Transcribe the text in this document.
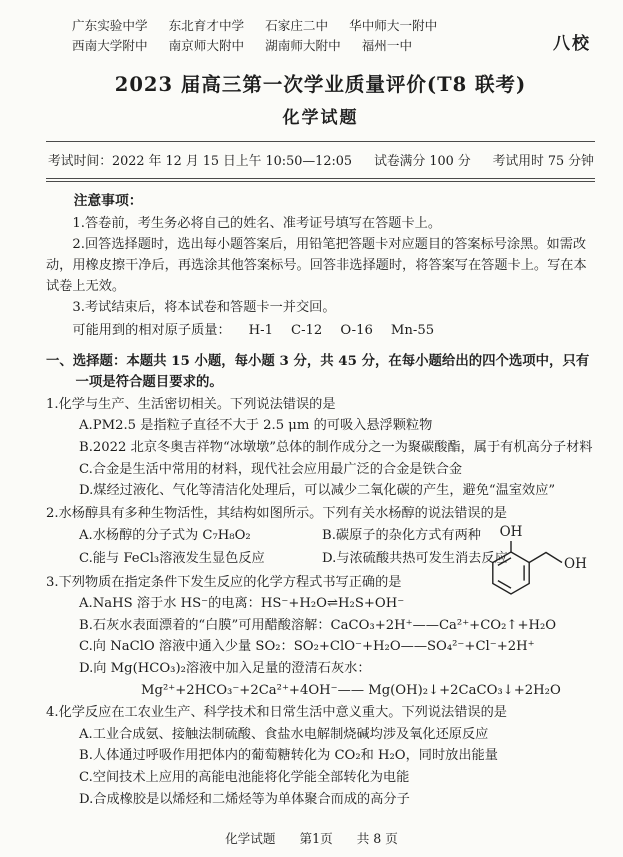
广东实验中学 东北育才中学 石家庄二中 华中师大一附中
西南大学附中 南京师大附中 湖南师大附中 福州一中	八校
2023 届高三第一次学业质量评价(T8 联考)
化学试题
考试时间：2022 年 12 月 15 日上午 10:50—12:05 试卷满分 100 分 考试用时 75 分钟

注意事项：

1.答卷前，考生务必将自己的姓名、准考证号填写在答题卡上。

2.回答选择题时，选出每小题答案后，用铅笔把答题卡对应题目的答案标号涂黑。如需改动，用橡皮擦干净后，再选涂其他答案标号。回答非选择题时，将答案写在答题卡上。写在本试卷上无效。

3.考试结束后，将本试卷和答题卡一并交回。

可能用到的相对原子质量： H-1 C-12 O-16 Mn-55
一、选择题：本题共 15 小题，每小题 3 分，共 45 分，在每小题给出的四个选项中，只有一项是符合题目要求的。

1.化学与生产、生活密切相关。下列说法错误的是

A.PM2.5 是指粒子直径不大于 2.5 μm 的可吸入悬浮颗粒物

B.2022 北京冬奥吉祥物“冰墩墩”总体的制作成分之一为聚碳酸酯，属于有机高分子材料

C.合金是生活中常用的材料，现代社会应用最广泛的合金是铁合金

D.煤经过液化、气化等清洁化处理后，可以减少二氧化碳的产生，避免“温室效应”

2.水杨醇具有多种生物活性，其结构如图所示。下列有关水杨醇的说法错误的是

A.水杨醇的分子式为 C₇H₈O₂	B.碳原子的杂化方式有两种

C.能与 FeCl₃溶液发生显色反应	D.与浓硫酸共热可发生消去反应

OH
OH

3.下列物质在指定条件下发生反应的化学方程式书写正确的是

A.NaHS 溶于水 HS⁻的电离：HS⁻+H₂O⇌H₂S+OH⁻

B.石灰水表面漂着的“白膜”可用醋酸溶解：CaCO₃+2H⁺——Ca²⁺+CO₂↑+H₂O

C.向 NaClO 溶液中通入少量 SO₂：SO₂+ClO⁻+H₂O——SO₄²⁻+Cl⁻+2H⁺

D.向 Mg(HCO₃)₂溶液中加入足量的澄清石灰水：

Mg²⁺+2HCO₃⁻+2Ca²⁺+4OH⁻—— Mg(OH)₂↓+2CaCO₃↓+2H₂O

4.化学反应在工农业生产、科学技术和日常生活中意义重大。下列说法错误的是

A.工业合成氨、接触法制硫酸、食盐水电解制烧碱均涉及氧化还原反应

B.人体通过呼吸作用把体内的葡萄糖转化为 CO₂和 H₂O，同时放出能量

C.空间技术上应用的高能电池能将化学能全部转化为电能

D.合成橡胶是以烯烃和二烯烃等为单体聚合而成的高分子

化学试题 第1页 共 8 页
